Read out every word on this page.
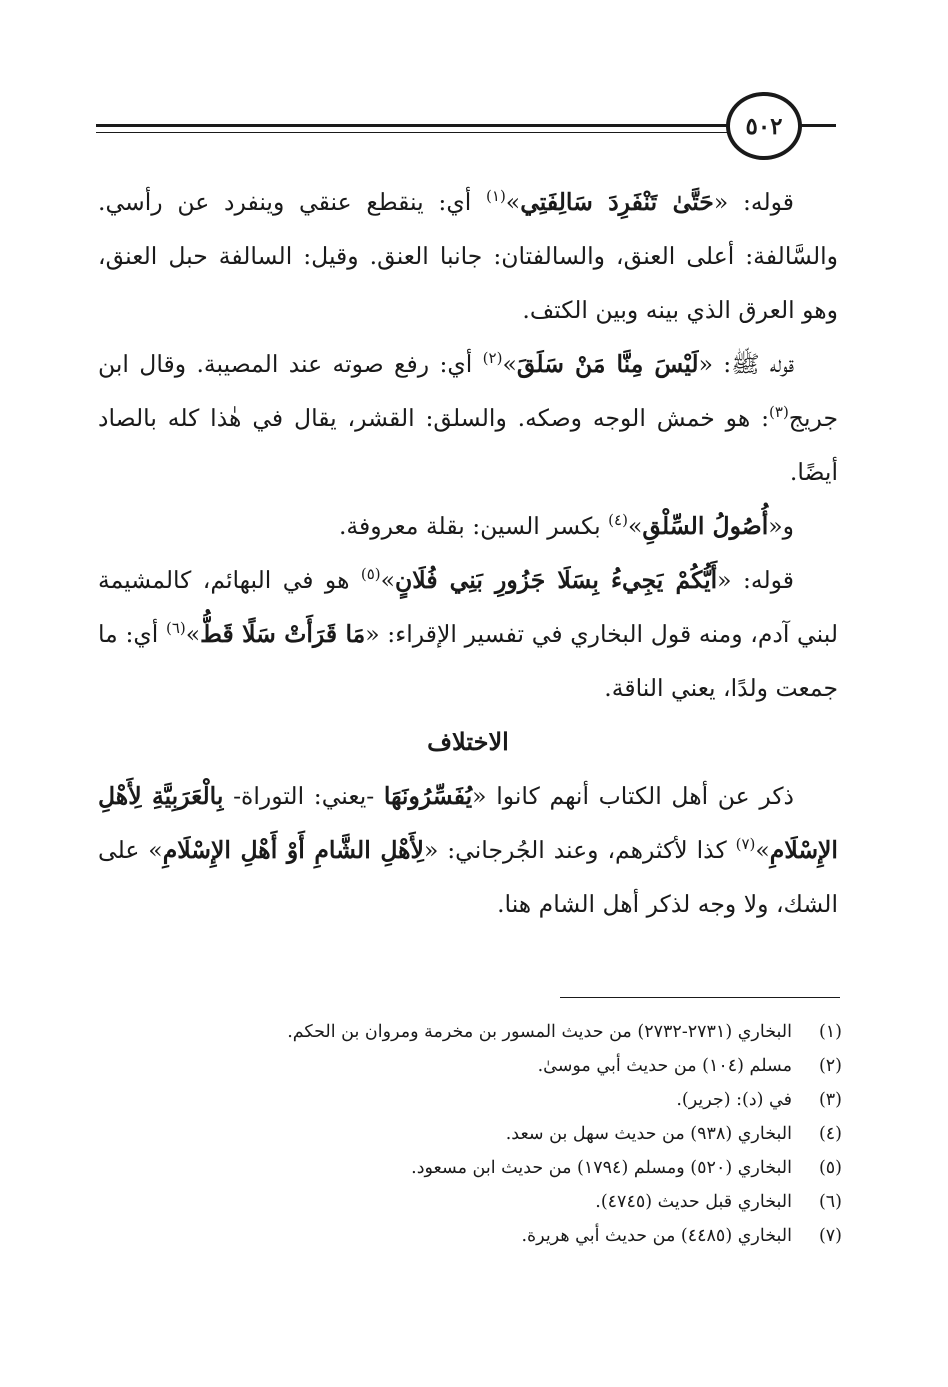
٥٠٢

قوله: «حَتَّىٰ تَنْفَرِدَ سَالِفَتِي»$^{(١)}$ أي: ينقطع عنقي وينفرد عن رأسي. والسَّالفة: أعلى العنق، والسالفتان: جانبا العنق. وقيل: السالفة حبل العنق، وهو العرق الذي بينه وبين الكتف.

قوله ﷺ: «لَيْسَ مِنَّا مَنْ سَلَقَ»$^{(٢)}$ أي: رفع صوته عند المصيبة. وقال ابن جريج$^{(٣)}$: هو خمش الوجه وصكه. والسلق: القشر، يقال في هٰذا كله بالصاد أيضًا.

و«أُصُولُ السِّلْقِ»$^{(٤)}$ بكسر السين: بقلة معروفة.

قوله: «أَيُّكُمْ يَجِيءُ بِسَلَا جَزُورِ بَنِي فُلَانٍ»$^{(٥)}$ هو في البهائم، كالمشيمة لبني آدم، ومنه قول البخاري في تفسير الإقراء: «مَا قَرَأَتْ سَلًا قَطُّ»$^{(٦)}$ أي: ما جمعت ولدًا، يعني الناقة.

الاختلاف

ذكر عن أهل الكتاب أنهم كانوا «يُفَسِّرُونَهَا -يعني: التوراة- بِالْعَرَبِيَّةِ لِأَهْلِ الإِسْلَامِ»$^{(٧)}$ كذا لأكثرهم، وعند الجُرجاني: «لِأَهْلِ الشَّامِ أَوْ أَهْلِ الإِسْلَامِ» على الشك، ولا وجه لذكر أهل الشام هنا.

(١)البخاري (٢٧٣١-٢٧٣٢) من حديث المسور بن مخرمة ومروان بن الحكم.
(٢)مسلم (١٠٤) من حديث أبي موسىٰ.
(٣)في (د): (جرير).
(٤)البخاري (٩٣٨) من حديث سهل بن سعد.
(٥)البخاري (٥٢٠) ومسلم (١٧٩٤) من حديث ابن مسعود.
(٦)البخاري قبل حديث (٤٧٤٥).
(٧)البخاري (٤٤٨٥) من حديث أبي هريرة.
